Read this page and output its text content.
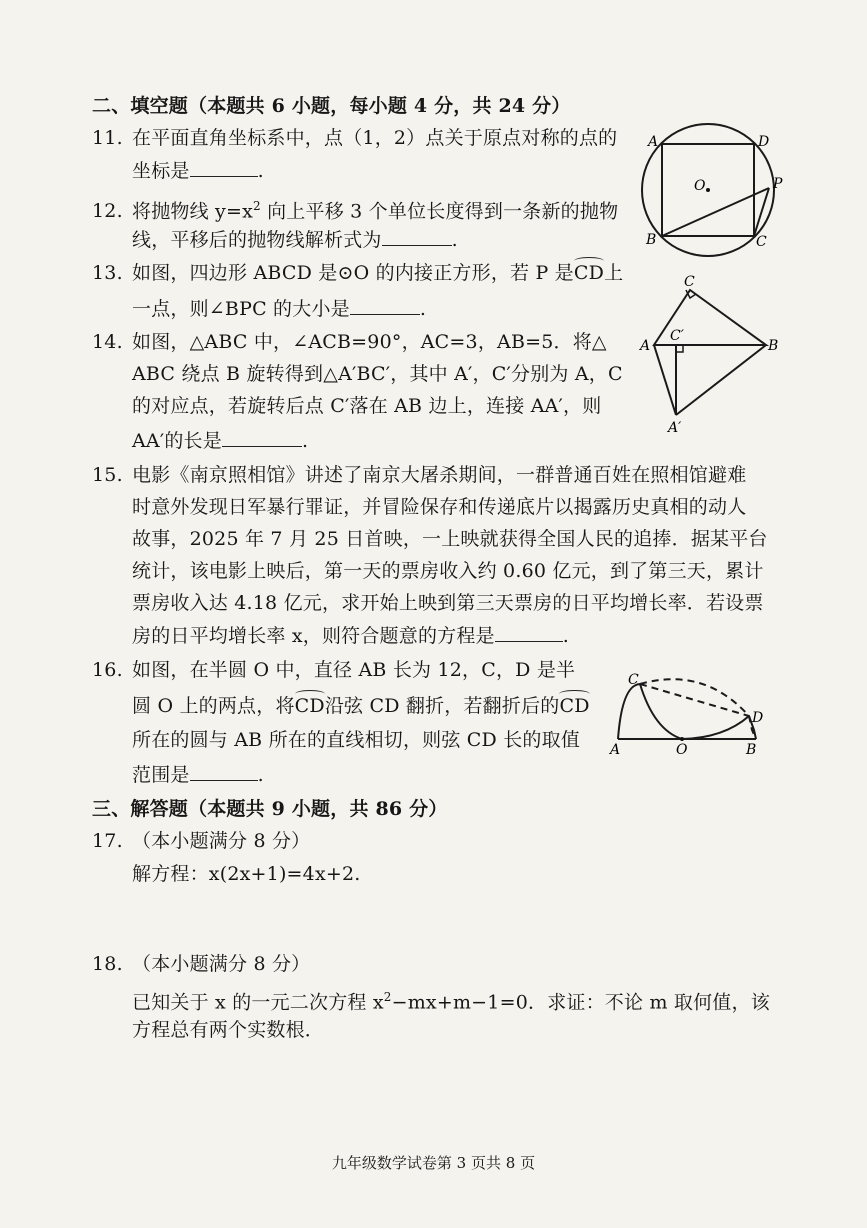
二、填空题（本题共 6 小题，每小题 4 分，共 24 分）
11. 在平面直角坐标系中，点（1，2）点关于原点对称的点的
坐标是	.
12. 将抛物线 $y=x^2$ 向上平移 3 个单位长度得到一条新的抛物
线，平移后的抛物线解析式为	.
13. 如图，四边形 ABCD 是⊙O 的内接正方形，若 P 是CD上
一点，则∠BPC 的大小是	.
14. 如图，△ABC 中，∠ACB=90°，AC=3，AB=5．将△
ABC 绕点 B 旋转得到△A′BC′，其中 A′，C′分别为 A，C
的对应点，若旋转后点 C′落在 AB 边上，连接 AA′，则
AA′的长是	.
15. 电影《南京照相馆》讲述了南京大屠杀期间，一群普通百姓在照相馆避难
时意外发现日军暴行罪证，并冒险保存和传递底片以揭露历史真相的动人
故事，2025 年 7 月 25 日首映，一上映就获得全国人民的追捧．据某平台
统计，该电影上映后，第一天的票房收入约 0.60 亿元，到了第三天，累计
票房收入达 4.18 亿元，求开始上映到第三天票房的日平均增长率．若设票
房的日平均增长率 x，则符合题意的方程是	.
16. 如图，在半圆 O 中，直径 AB 长为 12，C，D 是半
圆 O 上的两点，将CD沿弦 CD 翻折，若翻折后的CD
所在的圆与 AB 所在的直线相切，则弦 CD 长的取值
范围是	.
三、解答题（本题共 9 小题，共 86 分）
17. （本小题满分 8 分）
解方程：x(2x+1)=4x+2.
18. （本小题满分 8 分）
已知关于 x 的一元二次方程 $x^2-mx+m-1=0$．求证：不论 m 取何值，该
方程总有两个实数根．
九年级数学试卷第 3 页共 8 页
A	D
B	C
P
O
C
A
C′
B
A′
C
D
A	O	B
